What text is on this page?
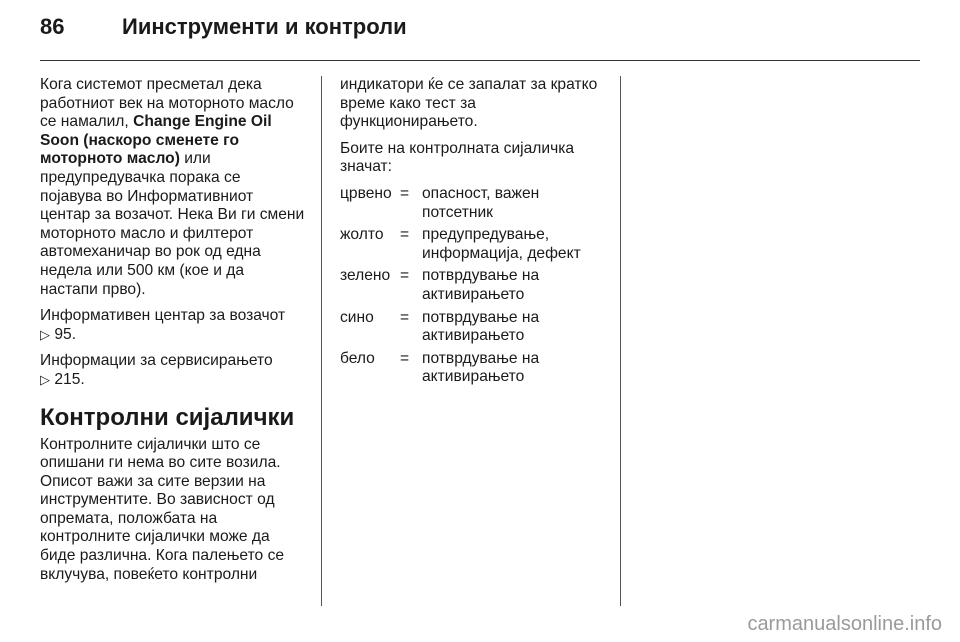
86	Иинструменти и контроли

Кога системот пресметал дека работниот век на моторното масло се намалил, Change Engine Oil Soon (наскоро сменете го моторното масло) или предупредувачка порака се појавува во Информативниот центар за возачот. Нека Ви ги смени моторното масло и филтерот автомеханичар во рок од една недела или 500 км (кое и да настапи прво).

Информативен центар за возачот
▷ 95.

Информации за сервисирањето
▷ 215.

Контролни сијалички

Контролните сијалички што се опишани ги нема во сите возила. Описот важи за сите верзии на инструментите. Во зависност од опремата, положбата на контролните сијалички може да биде различна. Кога палењето се вклучува, повеќето контролни

индикатори ќе се запалат за кратко време како тест за функционирањето.

Боите на контролната сијаличка значат:

црвено	=	опасност, важен потсетник
жолто	=	предупредување, информација, дефект
зелено	=	потврдување на активирањето
сино	=	потврдување на активирањето
бело	=	потврдување на активирањето
carmanualsonline.info
